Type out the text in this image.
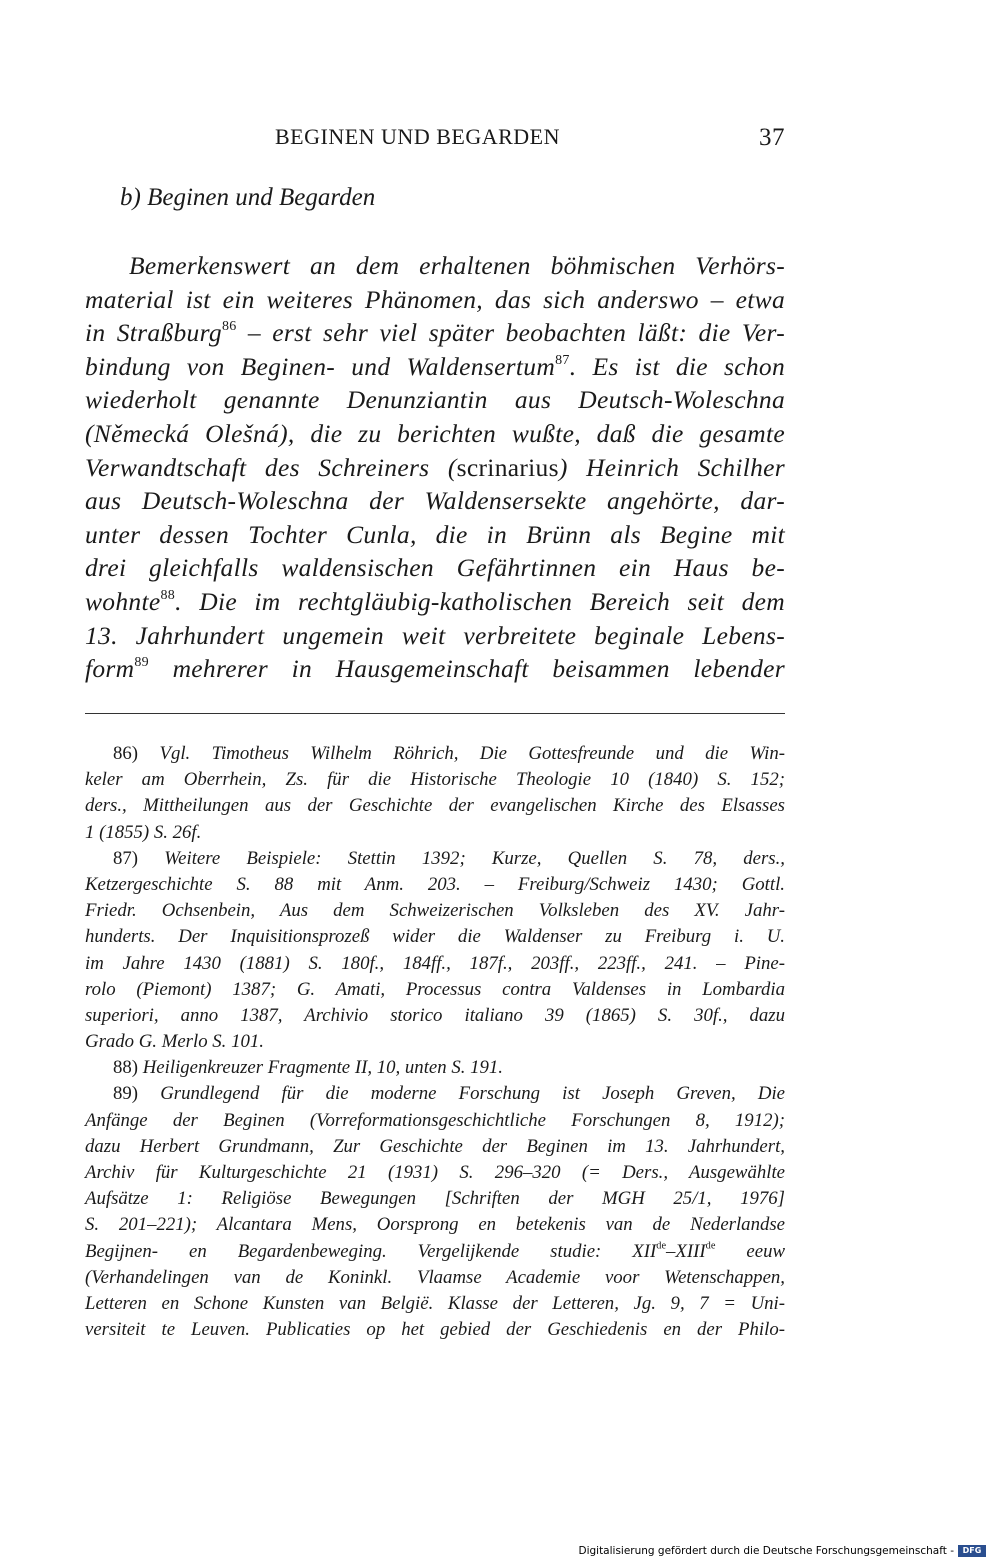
BEGINEN UND BEGARDEN	37
b) Beginen und Begarden
Bemerkenswert an dem erhaltenen böhmischen Verhörs-
material ist ein weiteres Phänomen, das sich anderswo – etwa
in Straßburg$^{86}$ – erst sehr viel später beobachten läßt: die Ver-
bindung von Beginen- und Waldensertum$^{87}$. Es ist die schon
wiederholt genannte Denunziantin aus Deutsch-Woleschna
(Německá Olešná), die zu berichten wußte, daß die gesamte
Verwandtschaft des Schreiners (scrinarius) Heinrich Schilher
aus Deutsch-Woleschna der Waldensersekte angehörte, dar-
unter dessen Tochter Cunla, die in Brünn als Begine mit
drei gleichfalls waldensischen Gefährtinnen ein Haus be-
wohnte$^{88}$. Die im rechtgläubig-katholischen Bereich seit dem
13. Jahrhundert ungemein weit verbreitete beginale Lebens-
form$^{89}$ mehrerer in Hausgemeinschaft beisammen lebender
86) Vgl. Timotheus Wilhelm Röhrich, Die Gottesfreunde und die Win-
keler am Oberrhein, Zs. für die Historische Theologie 10 (1840) S. 152;
ders., Mittheilungen aus der Geschichte der evangelischen Kirche des Elsasses
1 (1855) S. 26f.
87) Weitere Beispiele: Stettin 1392; Kurze, Quellen S. 78, ders.,
Ketzergeschichte S. 88 mit Anm. 203. – Freiburg/Schweiz 1430; Gottl.
Friedr. Ochsenbein, Aus dem Schweizerischen Volksleben des XV. Jahr-
hunderts. Der Inquisitionsprozeß wider die Waldenser zu Freiburg i. U.
im Jahre 1430 (1881) S. 180f., 184ff., 187f., 203ff., 223ff., 241. – Pine-
rolo (Piemont) 1387; G. Amati, Processus contra Valdenses in Lombardia
superiori, anno 1387, Archivio storico italiano 39 (1865) S. 30f., dazu
Grado G. Merlo S. 101.
88) Heiligenkreuzer Fragmente II, 10, unten S. 191.
89) Grundlegend für die moderne Forschung ist Joseph Greven, Die
Anfänge der Beginen (Vorreformationsgeschichtliche Forschungen 8, 1912);
dazu Herbert Grundmann, Zur Geschichte der Beginen im 13. Jahrhundert,
Archiv für Kulturgeschichte 21 (1931) S. 296–320 (= Ders., Ausgewählte
Aufsätze 1: Religiöse Bewegungen [Schriften der MGH 25/1, 1976]
S. 201–221); Alcantara Mens, Oorsprong en betekenis van de Nederlandse
Begijnen- en Begardenbeweging. Vergelijkende studie: XIIde–XIIIde eeuw
(Verhandelingen van de Koninkl. Vlaamse Academie voor Wetenschappen,
Letteren en Schone Kunsten van België. Klasse der Letteren, Jg. 9, 7 = Uni-
versiteit te Leuven. Publicaties op het gebied der Geschiedenis en der Philo-
Digitalisierung gefördert durch die Deutsche Forschungsgemeinschaft -	DFG
